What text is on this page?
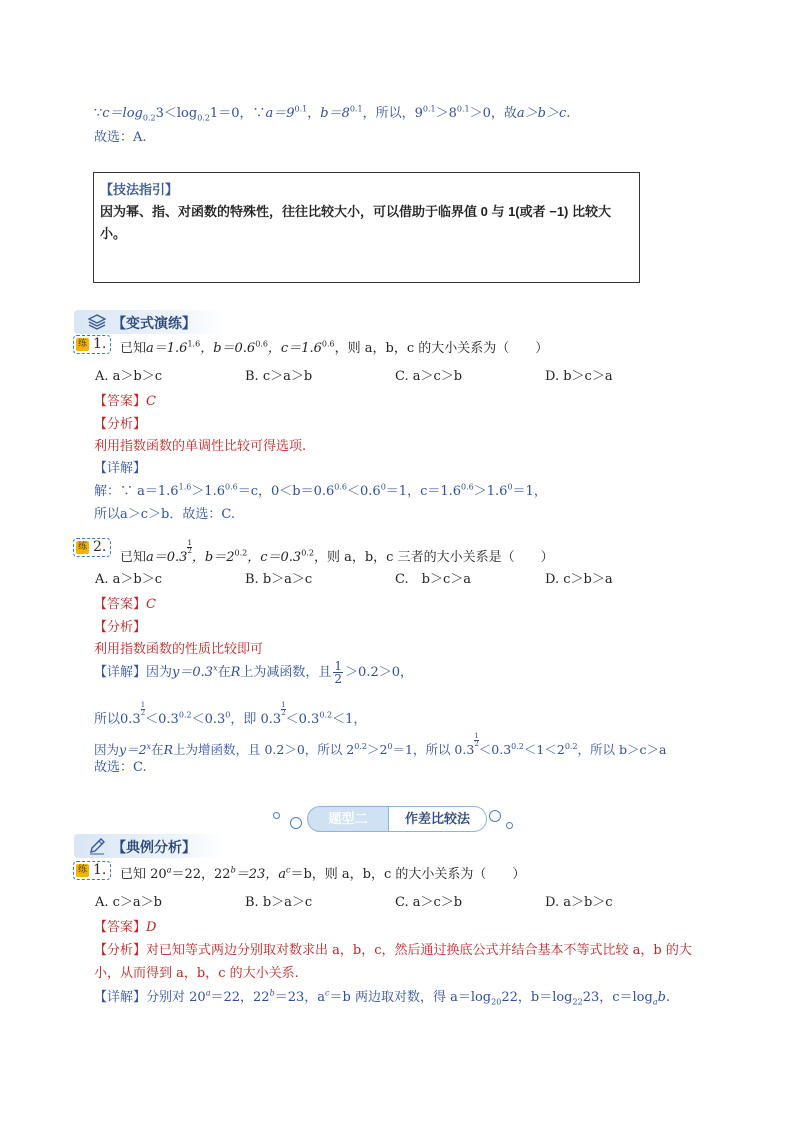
$\because c=\log_{0.2}3<\log_{0.2}1=0$，$\because a=9^{0.1}$，$b=8^{0.1}$，所以，$9^{0.1}>8^{0.1}>0$，故a＞b＞c.
故选：A.
【技法指引】
因为幂、指、对函数的特殊性，往往比较大小，可以借助于临界值 0 与 1(或者 −1) 比较大小。
【变式演练】
练 1. 已知$a=1.6^{1.6}$，$b=0.6^{0.6}$，$c=1.6^{0.6}$，则 a，b，c 的大小关系为（　　）
A. a＞b＞c	B. c＞a＞b	C. a＞c＞b	D. b＞c＞a
【答案】C
【分析】
利用指数函数的单调性比较可得选项.
【详解】
解：∵ $a=1.6^{1.6}>1.6^{0.6}=c$，$0<b=0.6^{0.6}<0.6^0=1$，$c=1.6^{0.6}>1.6^0=1$，
所以a＞c＞b．故选：C.
练 2.
已知a＝0.3
$\frac{1}{2}$，$b=2^{0.2}$，$c=0.3^{0.2}$，则 a，b，c 三者的大小关系是（　　）
A. a＞b＞c	B. b＞a＞c	C.　b＞c＞a	D. c＞b＞a
【答案】C
【分析】
利用指数函数的性质比较即可
【详解】因为$y=0.3^x$在R上为减函数，且 $\frac{1}{2} >0.2>0$，
所以0.3
$\frac{1}{2}<0.3^{0.2}<0.3^0$，即 0.3
$\frac{1}{2}<0.3^{0.2}<1$，
因为$y=2^x$在R上为增函数，且 0.2＞0，所以 $2^{0.2}>2^0=1$，所以 0.3
$\frac{1}{2}<0.3^{0.2}<1<2^{0.2}$，所以 b＞c＞a
故选：C.
题型二	作差比较法
【典例分析】
练 1. 已知 $20^a=22$，$22^b=23$，$a^c=b$，则 a，b，c 的大小关系为（　　）
A. c＞a＞b	B. b＞a＞c	C. a＞c＞b	D. a＞b＞c
【答案】D
【分析】对已知等式两边分别取对数求出 a，b，c，然后通过换底公式并结合基本不等式比较 a，b 的大
小，从而得到 a，b，c 的大小关系.
【详解】分别对 $20^a=22$，$22^b=23$，$a^c=b$ 两边取对数，得 $a=\log_{20}22$，$b=\log_{22}23$，$c=\log_ab$.
